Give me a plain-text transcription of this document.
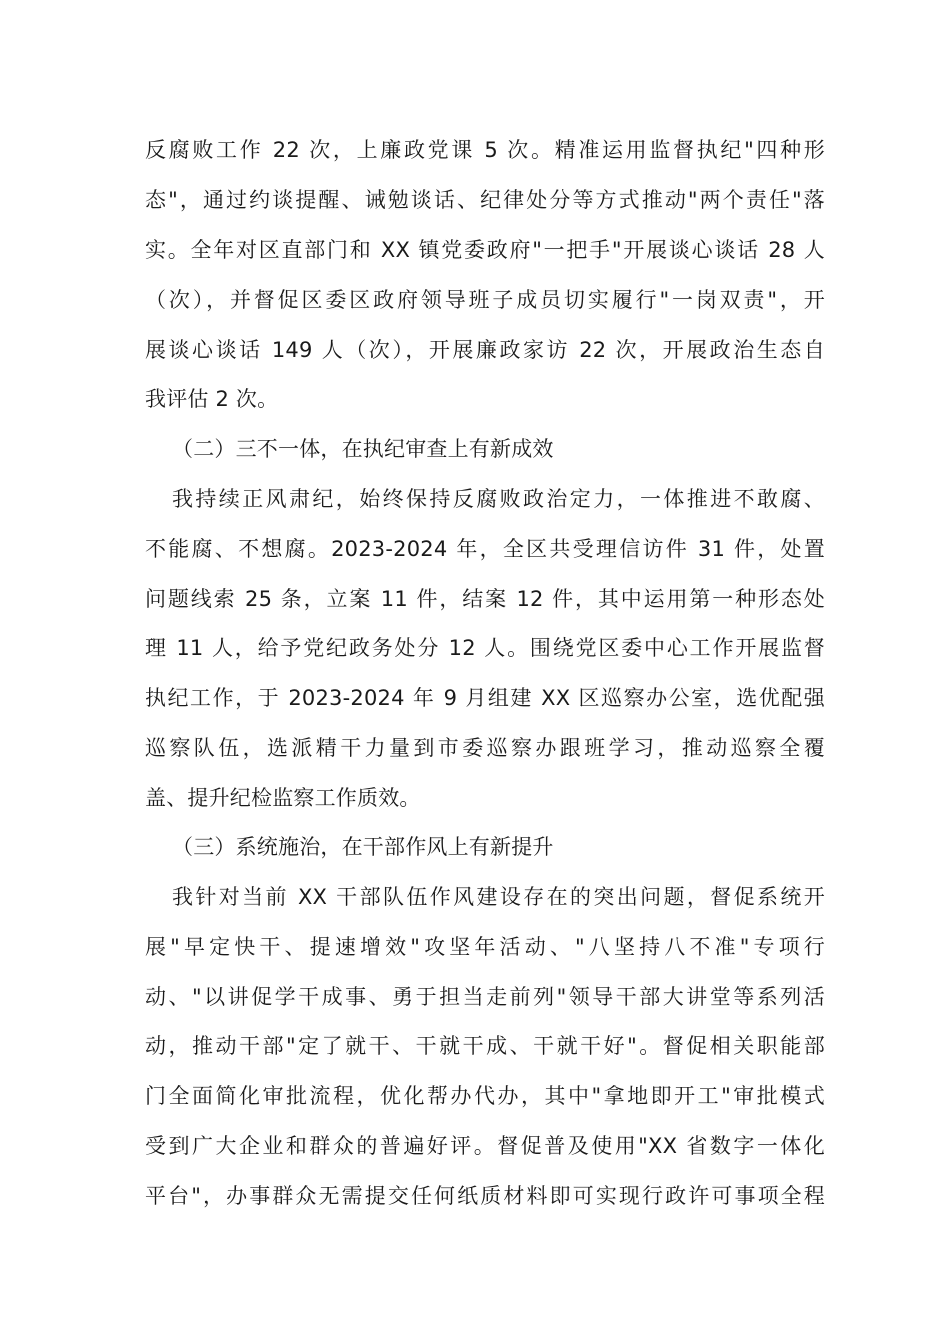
反腐败工作 22 次，上廉政党课 5 次。精准运用监督执纪"四种形
态"，通过约谈提醒、诫勉谈话、纪律处分等方式推动"两个责任"落
实。全年对区直部门和 XX 镇党委政府"一把手"开展谈心谈话 28 人
（次），并督促区委区政府领导班子成员切实履行"一岗双责"，开
展谈心谈话 149 人（次），开展廉政家访 22 次，开展政治生态自
我评估 2 次。
（二）三不一体，在执纪审查上有新成效
我持续正风肃纪，始终保持反腐败政治定力，一体推进不敢腐、
不能腐、不想腐。2023-2024 年，全区共受理信访件 31 件，处置
问题线索 25 条，立案 11 件，结案 12 件，其中运用第一种形态处
理 11 人，给予党纪政务处分 12 人。围绕党区委中心工作开展监督
执纪工作，于 2023-2024 年 9 月组建 XX 区巡察办公室，选优配强
巡察队伍，选派精干力量到市委巡察办跟班学习，推动巡察全覆
盖、提升纪检监察工作质效。
（三）系统施治，在干部作风上有新提升
我针对当前 XX 干部队伍作风建设存在的突出问题，督促系统开
展"早定快干、提速增效"攻坚年活动、"八坚持八不准"专项行
动、"以讲促学干成事、勇于担当走前列"领导干部大讲堂等系列活
动，推动干部"定了就干、干就干成、干就干好"。督促相关职能部
门全面简化审批流程，优化帮办代办，其中"拿地即开工"审批模式
受到广大企业和群众的普遍好评。督促普及使用"XX 省数字一体化
平台"，办事群众无需提交任何纸质材料即可实现行政许可事项全程
